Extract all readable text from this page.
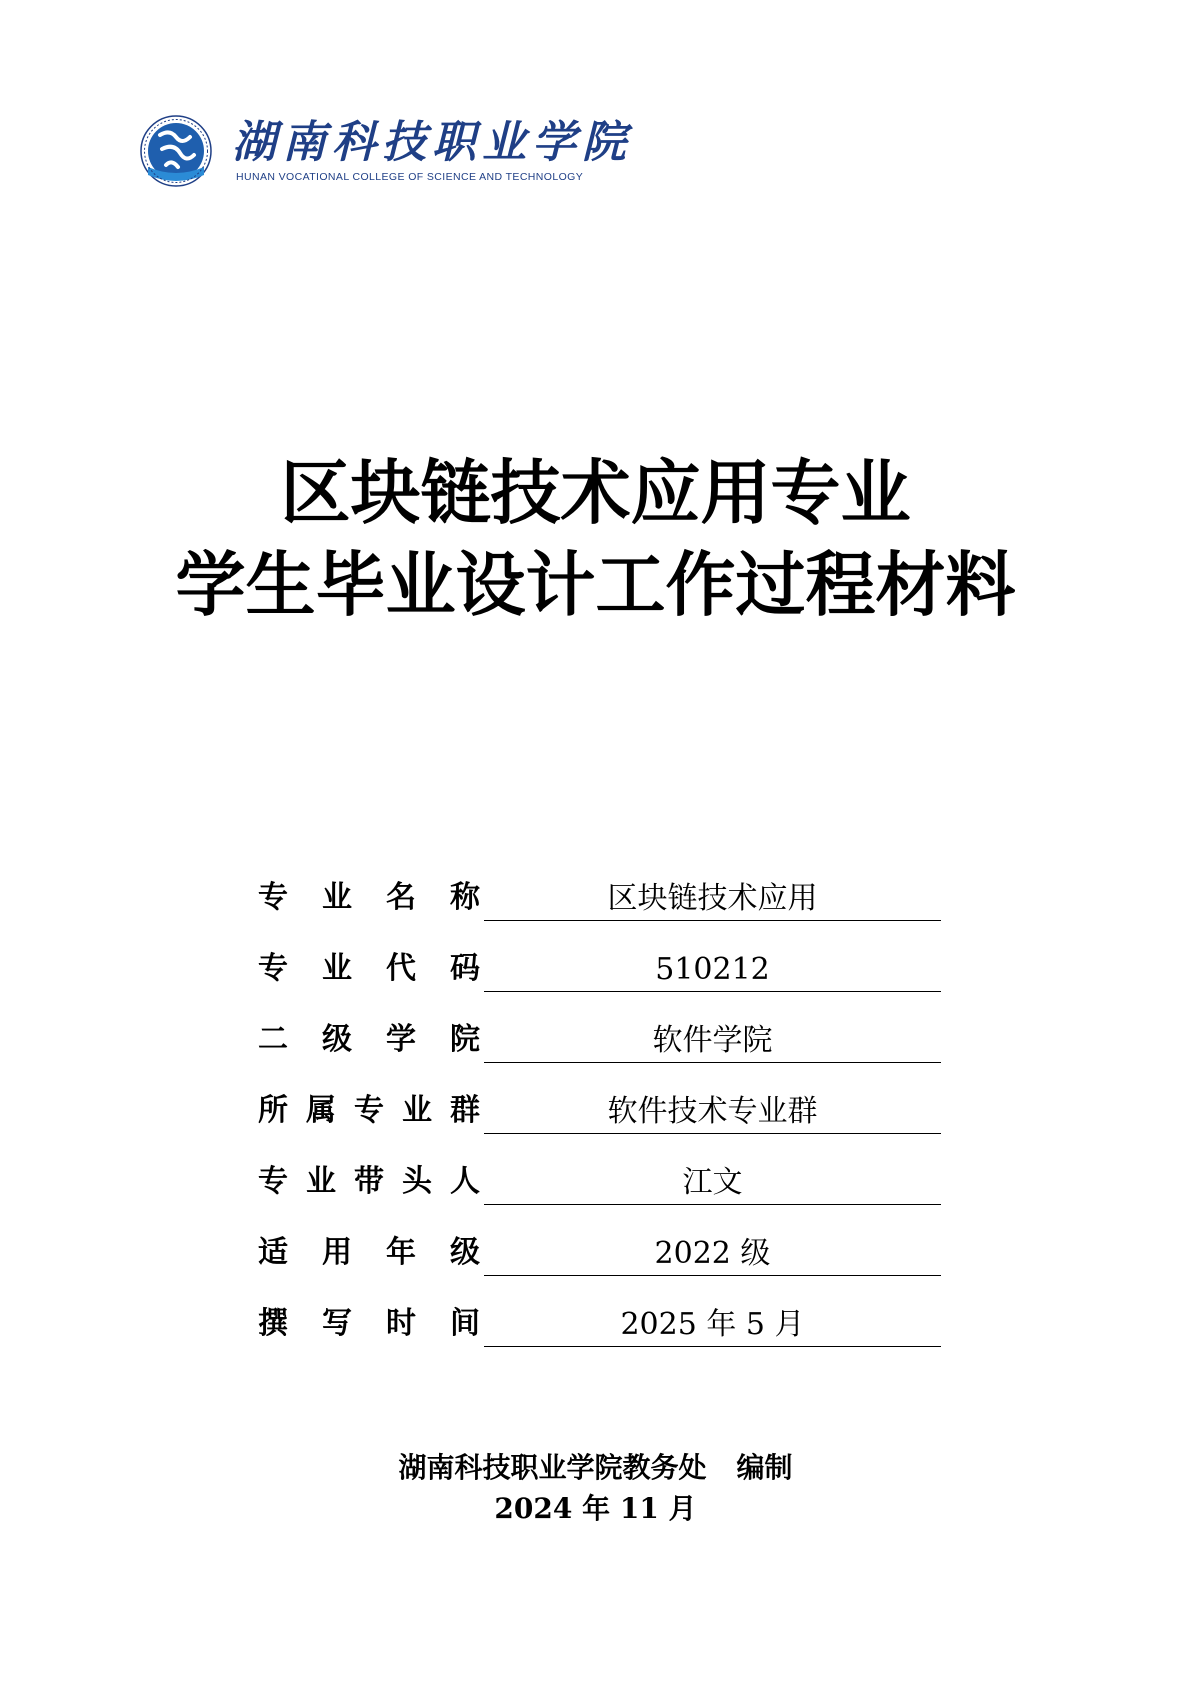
湖南科技职业学院
HUNAN VOCATIONAL COLLEGE OF SCIENCE AND TECHNOLOGY
区块链技术应用专业
学生毕业设计工作过程材料
专 业 名 称	区块链技术应用
专 业 代 码	510212
二 级 学 院	软件学院
所 属 专 业 群	软件技术专业群
专 业 带 头 人	江文
适 用 年 级	2022 级
撰 写 时 间	2025 年 5 月
湖南科技职业学院教务处 编制
2024 年 11 月
